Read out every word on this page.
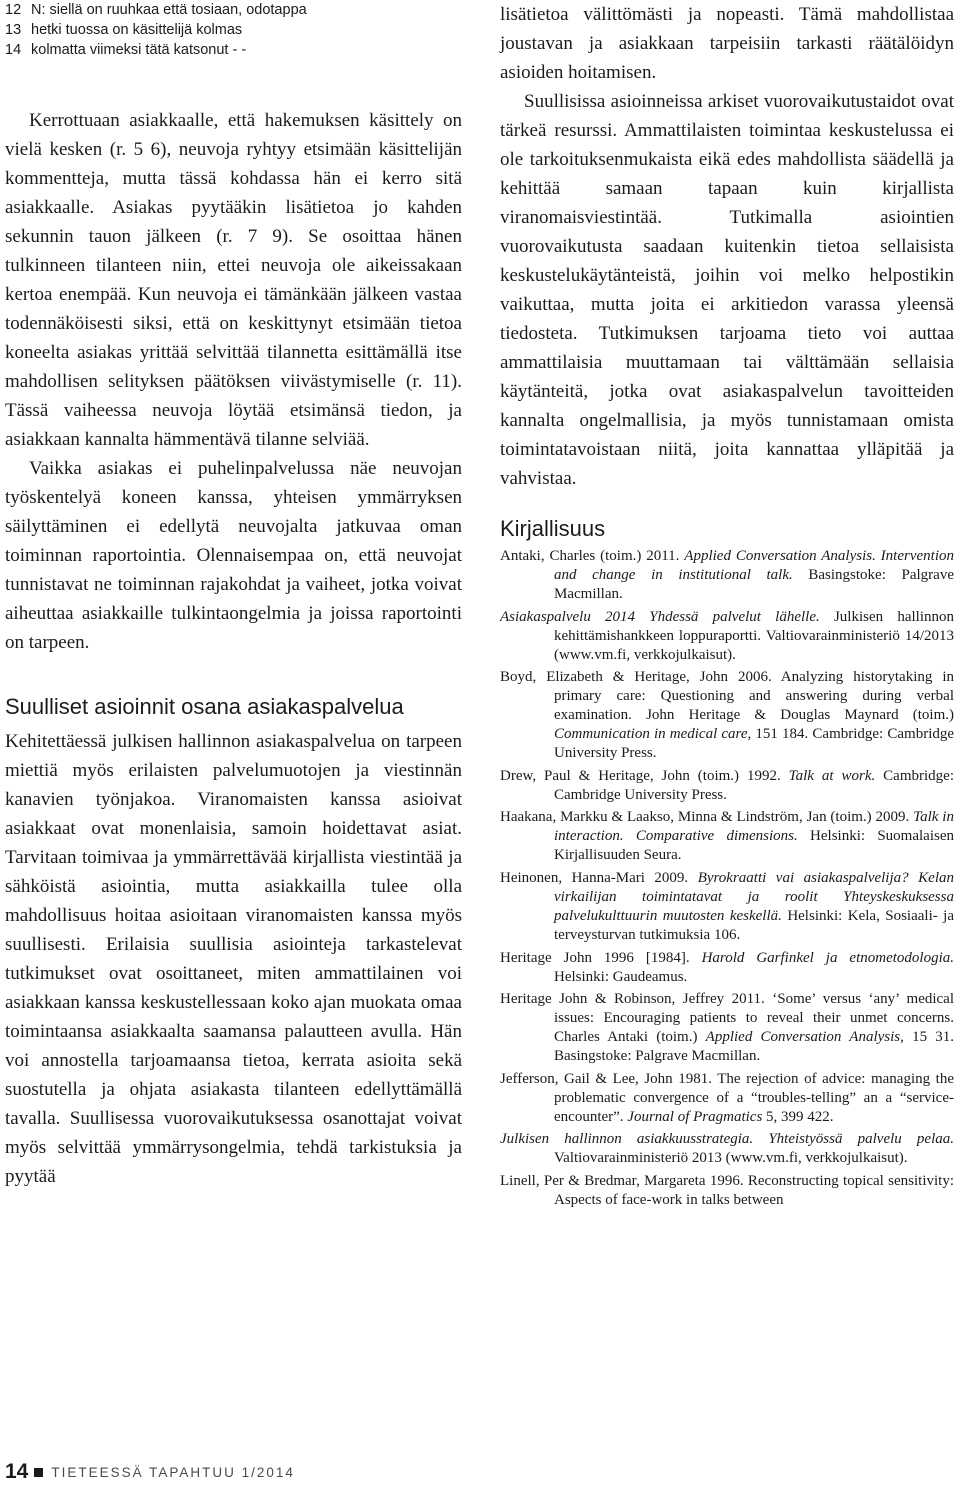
12 N: siellä on ruuhkaa että tosiaan, odotappa
13 hetki tuossa on käsittelijä kolmas
14 kolmatta viimeksi tätä katsonut - -

Kerrottuaan asiakkaalle, että hakemuksen käsittely on vielä kesken (r. 5 6), neuvoja ryhtyy etsimään käsittelijän kommentteja, mutta tässä kohdassa hän ei kerro sitä asiakkaalle. Asiakas pyytääkin lisätietoa jo kahden sekunnin tauon jälkeen (r. 7 9). Se osoittaa hänen tulkinneen tilanteen niin, ettei neuvoja ole aikeissakaan kertoa enempää. Kun neuvoja ei tämänkään jälkeen vastaa todennäköisesti siksi, että on keskittynyt etsimään tietoa koneelta asiakas yrittää selvittää tilannetta esittämällä itse mahdollisen selityksen päätöksen viivästymiselle (r. 11). Tässä vaiheessa neuvoja löytää etsimänsä tiedon, ja asiakkaan kannalta hämmentävä tilanne selviää.

Vaikka asiakas ei puhelinpalvelussa näe neuvojan työskentelyä koneen kanssa, yhteisen ymmärryksen säilyttäminen ei edellytä neuvojalta jatkuvaa oman toiminnan raportointia. Olennaisempaa on, että neuvojat tunnistavat ne toiminnan rajakohdat ja vaiheet, jotka voivat aiheuttaa asiakkaille tulkintaongelmia ja joissa raportointi on tarpeen.

Suulliset asioinnit osana asiakaspalvelua

Kehitettäessä julkisen hallinnon asiakaspalvelua on tarpeen miettiä myös erilaisten palvelumuotojen ja viestinnän kanavien työnjakoa. Viranomaisten kanssa asioivat asiakkaat ovat monenlaisia, samoin hoidettavat asiat. Tarvitaan toimivaa ja ymmärrettävää kirjallista viestintää ja sähköistä asiointia, mutta asiakkailla tulee olla mahdollisuus hoitaa asioitaan viranomaisten kanssa myös suullisesti. Erilaisia suullisia asiointeja tarkastelevat tutkimukset ovat osoittaneet, miten ammattilainen voi asiakkaan kanssa keskustellessaan koko ajan muokata omaa toimintaansa asiakkaalta saamansa palautteen avulla. Hän voi annostella tarjoamaansa tietoa, kerrata asioita sekä suostutella ja ohjata asiakasta tilanteen edellyttämällä tavalla. Suullisessa vuorovaikutuksessa osanottajat voivat myös selvittää ymmärrysongelmia, tehdä tarkistuksia ja pyytää

lisätietoa välittömästi ja nopeasti. Tämä mahdollistaa joustavan ja asiakkaan tarpeisiin tarkasti räätälöidyn asioiden hoitamisen.

Suullisissa asioinneissa arkiset vuorovaikutustaidot ovat tärkeä resurssi. Ammattilaisten toimintaa keskustelussa ei ole tarkoituksenmukaista eikä edes mahdollista säädellä ja kehittää samaan tapaan kuin kirjallista viranomaisviestintää. Tutkimalla asiointien vuorovaikutusta saadaan kuitenkin tietoa sellaisista keskustelukäytänteistä, joihin voi melko helpostikin vaikuttaa, mutta joita ei arkitiedon varassa yleensä tiedosteta. Tutkimuksen tarjoama tieto voi auttaa ammattilaisia muuttamaan tai välttämään sellaisia käytänteitä, jotka ovat asiakaspalvelun tavoitteiden kannalta ongelmallisia, ja myös tunnistamaan omista toimintatavoistaan niitä, joita kannattaa ylläpitää ja vahvistaa.

Kirjallisuus
Antaki, Charles (toim.) 2011. Applied Conversation Analysis. Intervention and change in institutional talk. Basingstoke: Palgrave Macmillan.
Asiakaspalvelu 2014 Yhdessä palvelut lähelle. Julkisen hallinnon kehittämishankkeen loppuraportti. Valtiovarainministeriö 14/2013 (www.vm.fi, verkkojulkaisut).
Boyd, Elizabeth & Heritage, John 2006. Analyzing historytaking in primary care: Questioning and answering during verbal examination. John Heritage & Douglas Maynard (toim.) Communication in medical care, 151 184. Cambridge: Cambridge University Press.
Drew, Paul & Heritage, John (toim.) 1992. Talk at work. Cambridge: Cambridge University Press.
Haakana, Markku & Laakso, Minna & Lindström, Jan (toim.) 2009. Talk in interaction. Comparative dimensions. Helsinki: Suomalaisen Kirjallisuuden Seura.
Heinonen, Hanna-Mari 2009. Byrokraatti vai asiakaspalvelija? Kelan virkailijan toimintatavat ja roolit Yhteyskeskuksessa palvelukulttuurin muutosten keskellä. Helsinki: Kela, Sosiaali- ja terveysturvan tutkimuksia 106.
Heritage John 1996 [1984]. Harold Garfinkel ja etnometodologia. Helsinki: Gaudeamus.
Heritage John & Robinson, Jeffrey 2011. ‘Some’ versus ‘any’ medical issues: Encouraging patients to reveal their unmet concerns. Charles Antaki (toim.) Applied Conversation Analysis, 15 31. Basingstoke: Palgrave Macmillan.
Jefferson, Gail & Lee, John 1981. The rejection of advice: managing the problematic convergence of a “troubles-telling” an a “service-encounter”. Journal of Pragmatics 5, 399 422.
Julkisen hallinnon asiakkuusstrategia. Yhteistyössä palvelu pelaa. Valtiovarainministeriö 2013 (www.vm.fi, verkkojulkaisut).
Linell, Per & Bredmar, Margareta 1996. Reconstructing topical sensitivity: Aspects of face-work in talks between
14 TIETEESSÄ TAPAHTUU 1/2014
